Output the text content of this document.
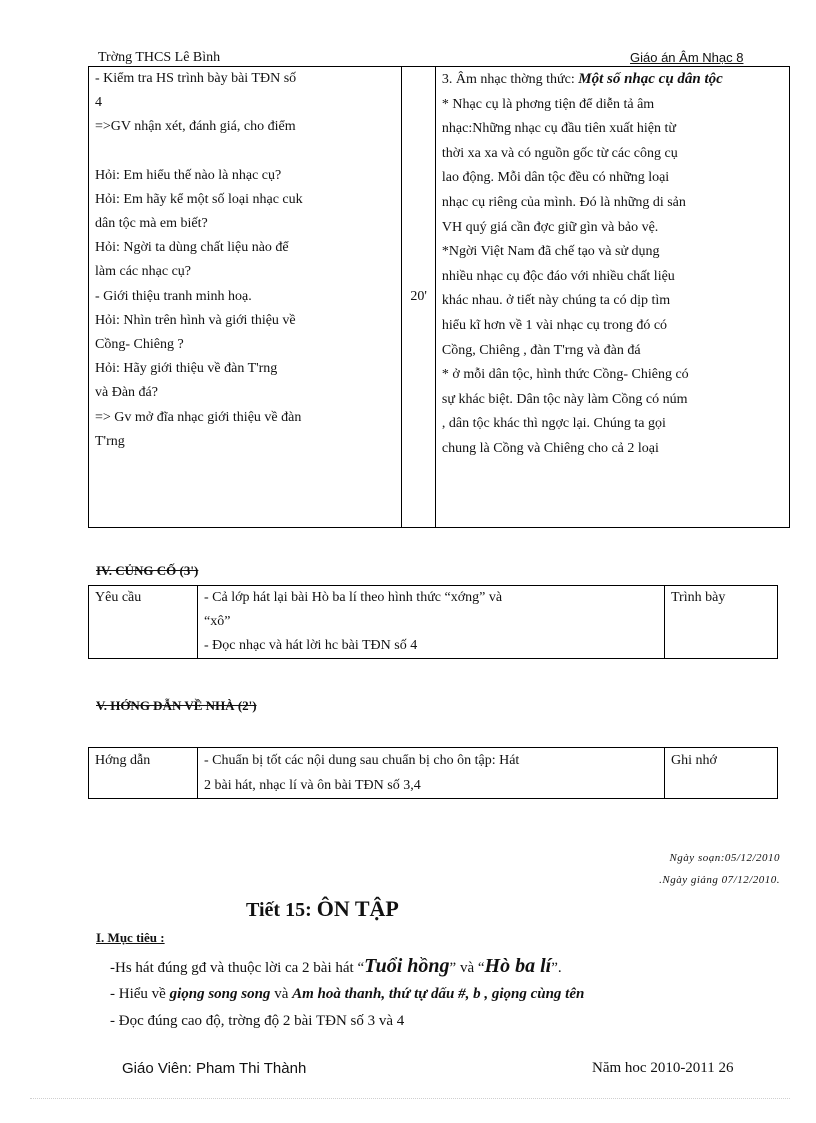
Trờng THCS Lê Bình	Giáo án Âm Nhạc 8
- Kiểm tra HS trình bày bài TĐN số
4
=>GV nhận xét, đánh giá, cho điểm
Hỏi: Em hiểu thế nào là nhạc cụ?
Hỏi: Em hãy kể một số loại nhạc cuk
dân tộc mà em biết?
Hỏi: Ngời ta dùng chất liệu nào để
làm các nhạc cụ?
- Giới thiệu tranh minh hoạ.
Hỏi: Nhìn trên hình và giới thiệu về
Cồng- Chiêng ?
Hỏi: Hãy giới thiệu về đàn T'rng
và Đàn đá?
=> Gv mở đĩa nhạc giới thiệu về đàn
T'rng
	20'	
3. Âm nhạc thờng thức: Một số nhạc cụ dân tộc
* Nhạc cụ là phơng tiện để diễn tả âm
nhạc:Những nhạc cụ đầu tiên xuất hiện từ
thời xa xa và có nguồn gốc từ các công cụ
lao động. Mỗi dân tộc đều có những loại
nhạc cụ riêng của mình. Đó là những di sản
VH quý giá cần đợc giữ gìn và bảo vệ.
*Ngời Việt Nam đã chế tạo và sử dụng
nhiều nhạc cụ độc đáo với nhiều chất liệu
khác nhau. ở tiết này chúng ta có dịp tìm
hiểu kĩ hơn về 1 vài nhạc cụ trong đó có
Cồng, Chiêng , đàn T'rng và đàn đá
* ở mỗi dân tộc, hình thức Cồng- Chiêng có
sự khác biệt. Dân tộc này làm Cồng có núm
, dân tộc khác thì ngợc lại. Chúng ta gọi
chung là Cồng và Chiêng cho cả 2 loại
IV. CỦNG CỐ (3')
Yêu cầu	- Cả lớp hát lại bài Hò ba lí theo hình thức “xớng” và
“xô”
- Đọc nhạc và hát lời hc bài TĐN số 4
	Trình bày
V. HỚNG DẪN VỀ NHÀ (2')
Hớng dẫn	- Chuẩn bị tốt các nội dung sau chuẩn bị cho ôn tập: Hát
2 bài hát, nhạc lí và ôn bài TĐN số 3,4
	Ghi nhớ
Ngày soạn:05/12/2010
.Ngày giảng 07/12/2010.
Tiết 15: ÔN TẬP
I. Mục tiêu :
-Hs hát đúng gđ và thuộc lời ca 2 bài hát “Tuổi hồng” và “Hò ba lí”.
- Hiểu về giọng song song và Am hoà thanh, thứ tự dấu #, b , giọng cùng tên
- Đọc đúng cao độ, trờng độ 2 bài TĐN số 3 và 4
Giáo Viên: Pham Thi Thành	Năm hoc 2010-2011 26
